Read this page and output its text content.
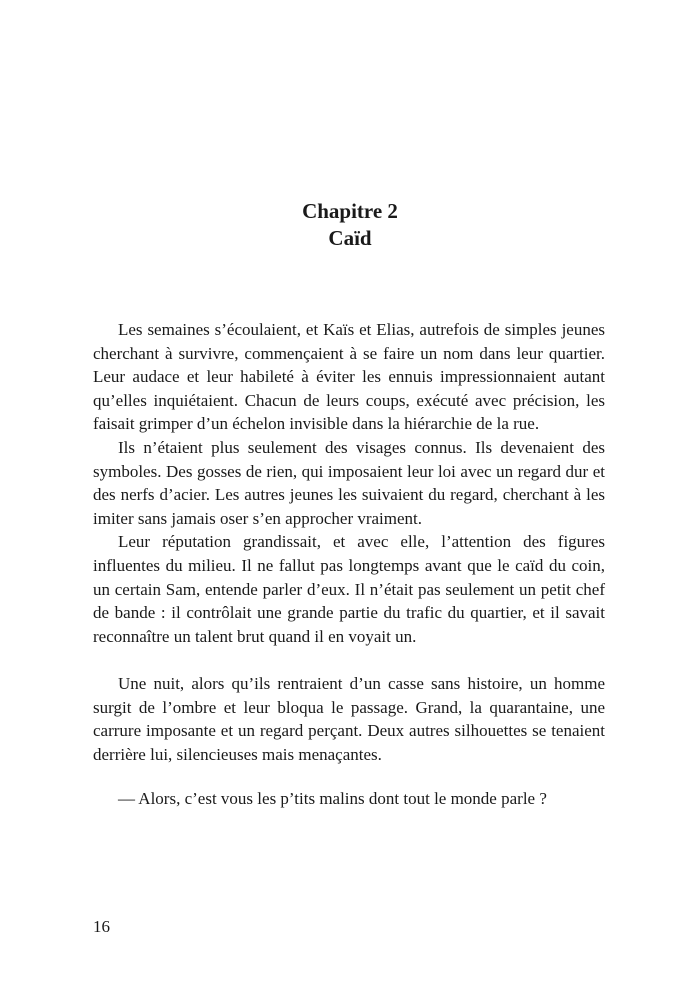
Chapitre 2
Caïd

Les semaines s’écoulaient, et Kaïs et Elias, autrefois de simples jeunes cherchant à survivre, commençaient à se faire un nom dans leur quartier. Leur audace et leur habileté à éviter les ennuis impressionnaient autant qu’elles inquiétaient. Chacun de leurs coups, exécuté avec précision, les faisait grimper d’un échelon invisible dans la hiérarchie de la rue.

Ils n’étaient plus seulement des visages connus. Ils devenaient des symboles. Des gosses de rien, qui imposaient leur loi avec un regard dur et des nerfs d’acier. Les autres jeunes les suivaient du regard, cherchant à les imiter sans jamais oser s’en approcher vraiment.

Leur réputation grandissait, et avec elle, l’attention des figures influentes du milieu. Il ne fallut pas longtemps avant que le caïd du coin, un certain Sam, entende parler d’eux. Il n’était pas seulement un petit chef de bande : il contrôlait une grande partie du trafic du quartier, et il savait reconnaître un talent brut quand il en voyait un.

Une nuit, alors qu’ils rentraient d’un casse sans histoire, un homme surgit de l’ombre et leur bloqua le passage. Grand, la quarantaine, une carrure imposante et un regard perçant. Deux autres silhouettes se tenaient derrière lui, silencieuses mais menaçantes.

— Alors, c’est vous les p’tits malins dont tout le monde parle ?

16
